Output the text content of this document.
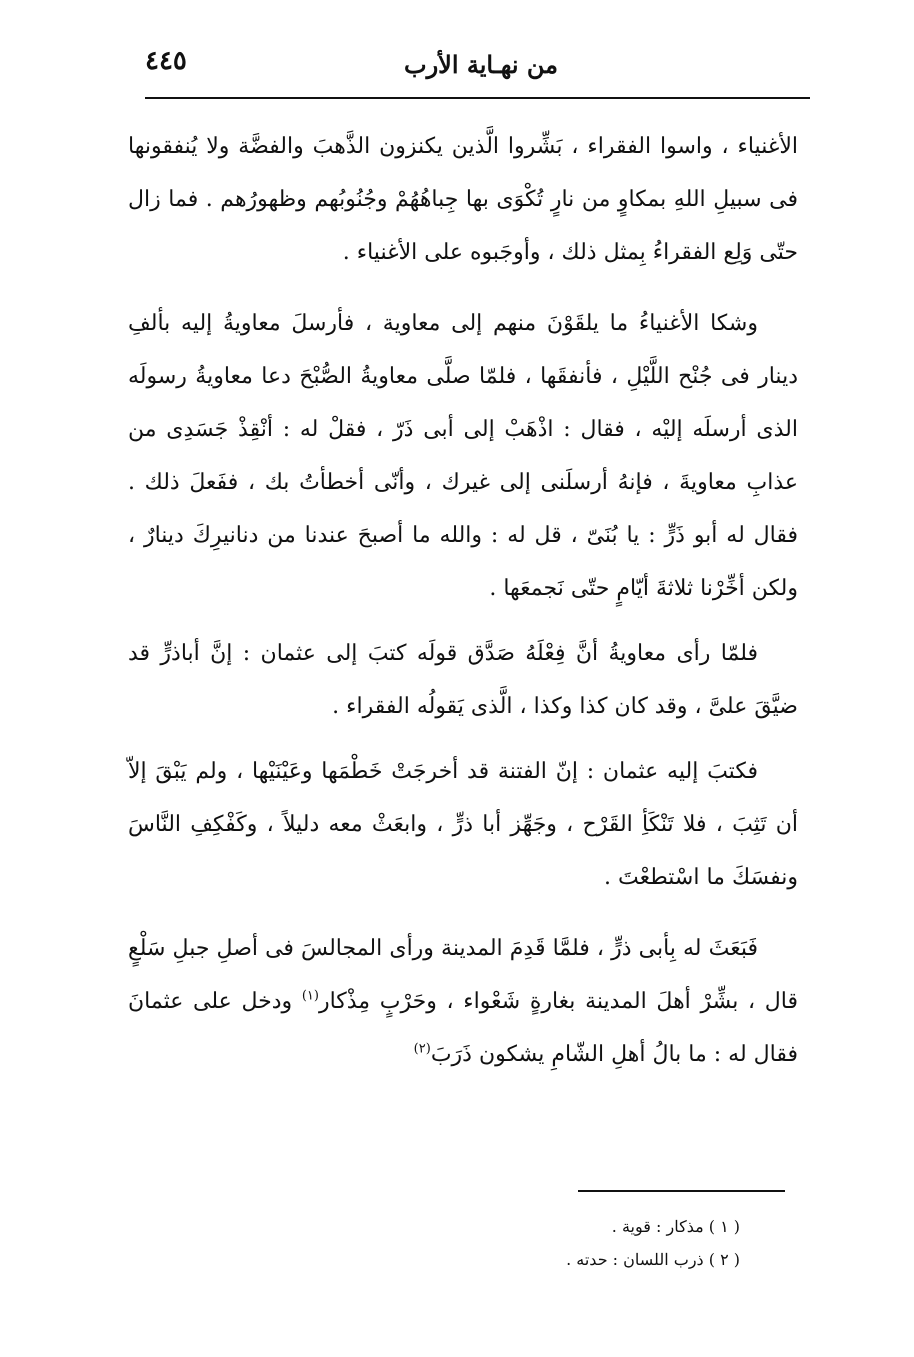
٤٤٥	من نهـاية الأرب

الأغنياء ، واسوا الفقراء ، بَشِّروا الَّذين يكنزون الذَّهبَ والفضَّة ولا يُنفقونها فى سبيلِ اللهِ بمكاوٍ من نارٍ تُكْوَى بها جِباهُهُمْ وجُنُوبُهم وظهورُهم . فما زال حتّى وَلِع الفقراءُ بِمثل ذلك ، وأوجَبوه على الأغنياء .

وشكا الأغنياءُ ما يلقَوْنَ منهم إلى معاوية ، فأرسلَ معاويةُ إليه بألفِ دينار فى جُنْح اللَّيْلِ ، فأنفقَها ، فلمّا صلَّى معاويةُ الصُّبْحَ دعا معاويةُ رسولَه الذى أرسلَه إليْه ، فقال : اذْهَبْ إلى أبى ذَرّ ، فقلْ له : أنْقِذْ جَسَدِى من عذابِ معاويةَ ، فإنهُ أرسلَنى إلى غيرك ، وأنّى أخطأتُ بك ، ففَعلَ ذلك . فقال له أبو ذَرٍّ : يا بُنَىّ ، قل له : والله ما أصبحَ عندنا من دنانيرِكَ دينارٌ ، ولكن أخِّرْنا ثلاثةَ أيّامٍ حتّى نَجمعَها .

فلمّا رأى معاويةُ أنَّ فِعْلَهُ صَدَّق قولَه كتبَ إلى عثمان : إنَّ أباذرٍّ قد ضيَّقَ علىَّ ، وقد كان كذا وكذا ، الَّذى يَقولُه الفقراء .

فكتبَ إليه عثمان : إنّ الفتنة قد أخرجَتْ خَطْمَها وعَيْنَيْها ، ولم يَبْقَ إلاّ أن تَثِبَ ، فلا تَنْكَأِ القَرْح ، وجَهِّز أبا ذرٍّ ، وابعَثْ معه دليلاً ، وكَفْكِفِ النَّاسَ ونفسَكَ ما اسْتطعْتَ .

فَبَعَثَ له بِأبى ذرٍّ ، فلمَّا قَدِمَ المدينة ورأى المجالسَ فى أصلِ جبلِ سَلْعٍ قال ، بشِّرْ أهلَ المدينة بغارةٍ شَعْواء ، وحَرْبٍ مِذْكار$^{(١)}$ ودخل على عثمانَ فقال له : ما بالُ أهلِ الشّامِ يشكون ذَرَبَ$^{(٢)}$

( ١ ) مذكار : قوية .

( ٢ ) ذرب اللسان : حدته .
